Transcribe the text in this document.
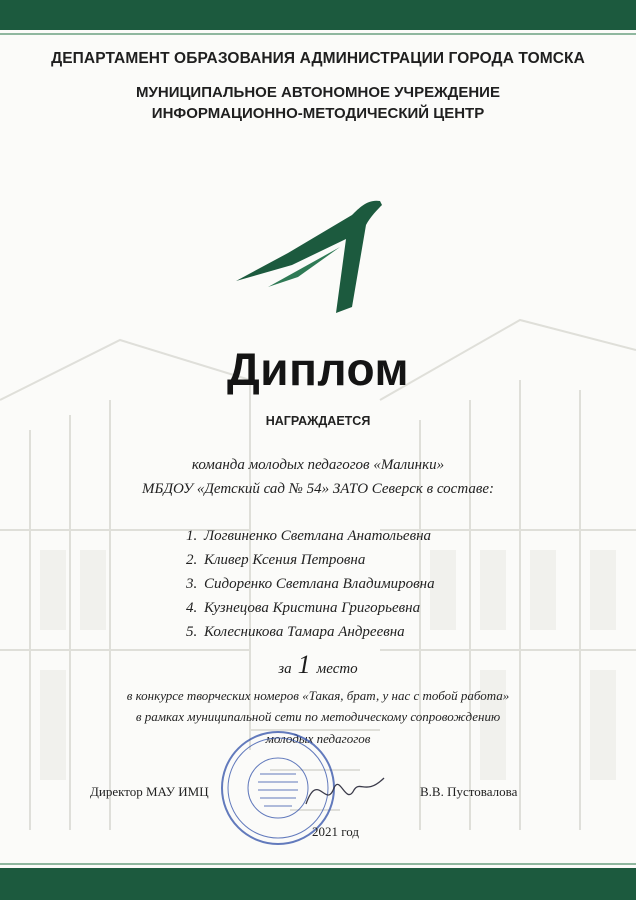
ДЕПАРТАМЕНТ ОБРАЗОВАНИЯ АДМИНИСТРАЦИИ ГОРОДА ТОМСКА
МУНИЦИПАЛЬНОЕ АВТОНОМНОЕ УЧРЕЖДЕНИЕ
ИНФОРМАЦИОННО-МЕТОДИЧЕСКИЙ ЦЕНТР
Диплом
НАГРАЖДАЕТСЯ
команда молодых педагогов «Малинки»
МБДОУ «Детский сад № 54» ЗАТО Северск в составе:
1. Логвиненко Светлана Анатольевна
2. Кливер Ксения Петровна
3. Сидоренко Светлана Владимировна
4. Кузнецова Кристина Григорьевна
5. Колесникова Тамара Андреевна
за 1 место
в конкурсе творческих номеров «Такая, брат, у нас с тобой работа»
в рамках муниципальной сети по методическому сопровождению
молодых педагогов
Директор МАУ ИМЦ	В.В. Пустовалова
2021 год
